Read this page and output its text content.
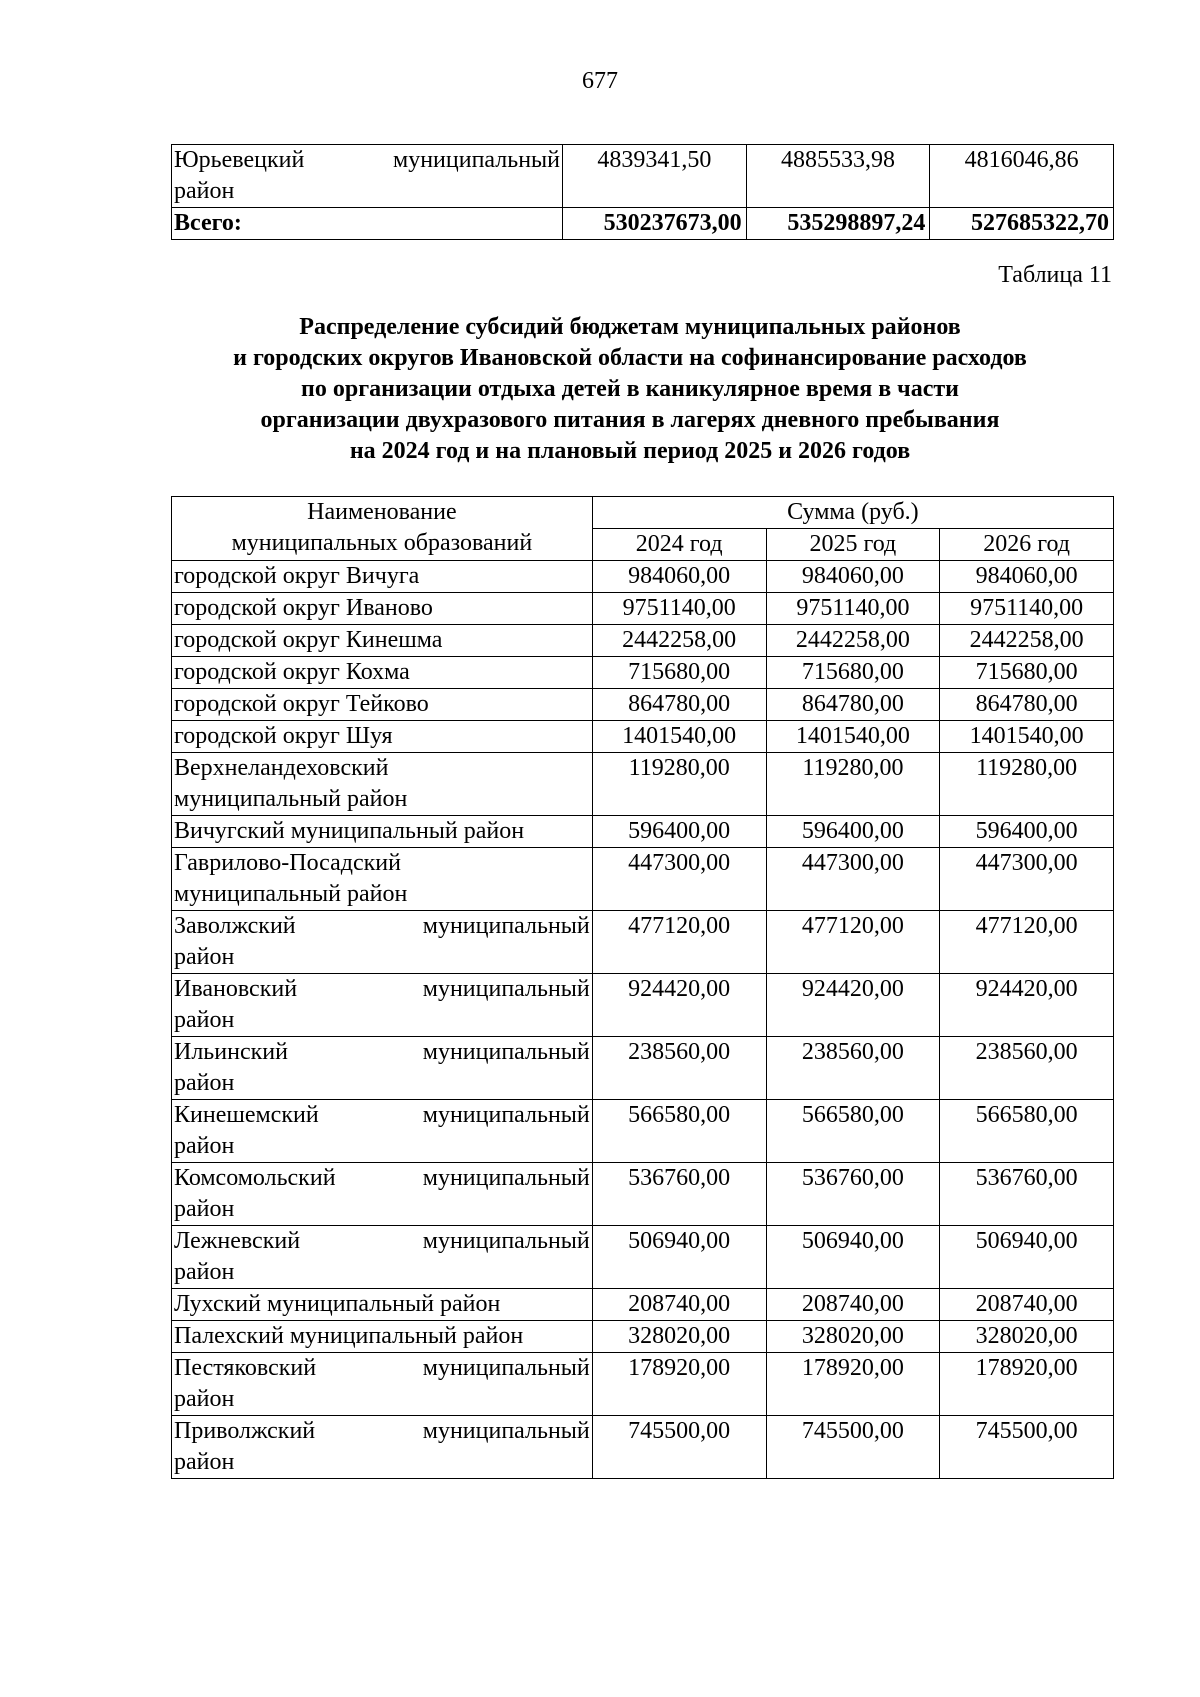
677
Юрьевецкий муниципальный
район	4839341,50	4885533,98	4816046,86
Всего:	530237673,00	535298897,24	527685322,70
Таблица 11
Распределение субсидий бюджетам муниципальных районов
и городских округов Ивановской области на софинансирование расходов
по организации отдыха детей в каникулярное время в части
организации двухразового питания в лагерях дневного пребывания
на 2024 год и на плановый период 2025 и 2026 годов
Наименование
муниципальных образований	Сумма (руб.)		
	2024 год	2025 год	2026 год
городской округ Вичуга	984060,00	984060,00	984060,00
городской округ Иваново	9751140,00	9751140,00	9751140,00
городской округ Кинешма	2442258,00	2442258,00	2442258,00
городской округ Кохма	715680,00	715680,00	715680,00
городской округ Тейково	864780,00	864780,00	864780,00
городской округ Шуя	1401540,00	1401540,00	1401540,00

Верхнеландеховский
муниципальный район	119280,00	119280,00	119280,00
Вичугский муниципальный район	596400,00	596400,00	596400,00

Гаврилово-Посадский
муниципальный район	447300,00	447300,00	447300,00

Заволжский муниципальный
район	477120,00	477120,00	477120,00

Ивановский муниципальный
район	924420,00	924420,00	924420,00

Ильинский муниципальный
район	238560,00	238560,00	238560,00

Кинешемский муниципальный
район	566580,00	566580,00	566580,00

Комсомольский муниципальный
район	536760,00	536760,00	536760,00

Лежневский муниципальный
район	506940,00	506940,00	506940,00
Лухский муниципальный район	208740,00	208740,00	208740,00
Палехский муниципальный район	328020,00	328020,00	328020,00

Пестяковский муниципальный
район	178920,00	178920,00	178920,00

Приволжский муниципальный
район	745500,00	745500,00	745500,00
